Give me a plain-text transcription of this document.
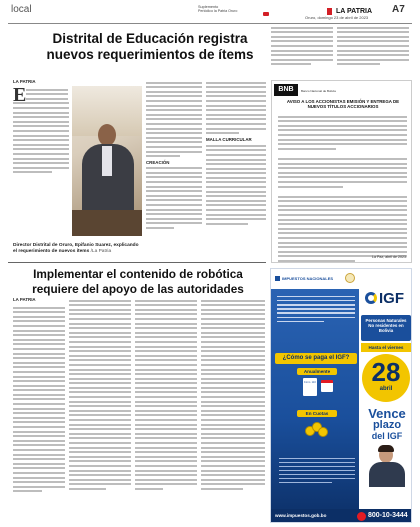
local	Suplemento
Periódico la Patria Oruro
Oruro, domingo 23 de abril de 2023
LA PATRIA A7
Distrital de Educación registra nuevos requerimientos de ítems
LA PATRIA
E
Director Distrital de Oruro, Epifanio Suarez, explicando el requerimiento de nuevos ítems /La Patria
CREACIÓN
MALLA CURRICULAR
BNB	Banco Nacional de Bolivia
AVISO A LOS ACCIONISTAS EMISIÓN Y ENTREGA DE NUEVOS TÍTULOS ACCIONARIOS
La Paz, abril de 2023.
Implementar el contenido de robótica requiere del apoyo de las autoridades
LA PATRIA
IMPUESTOS NACIONALES
IGF
Personas Naturales No residentes en Bolivia
Hasta el viernes
28
abril
Vence
plazo
del IGF
¿Cómo se paga el IGF?
Anualmente
Form. 110
En Cuotas
www.impuestos.gob.bo	800-10-3444
